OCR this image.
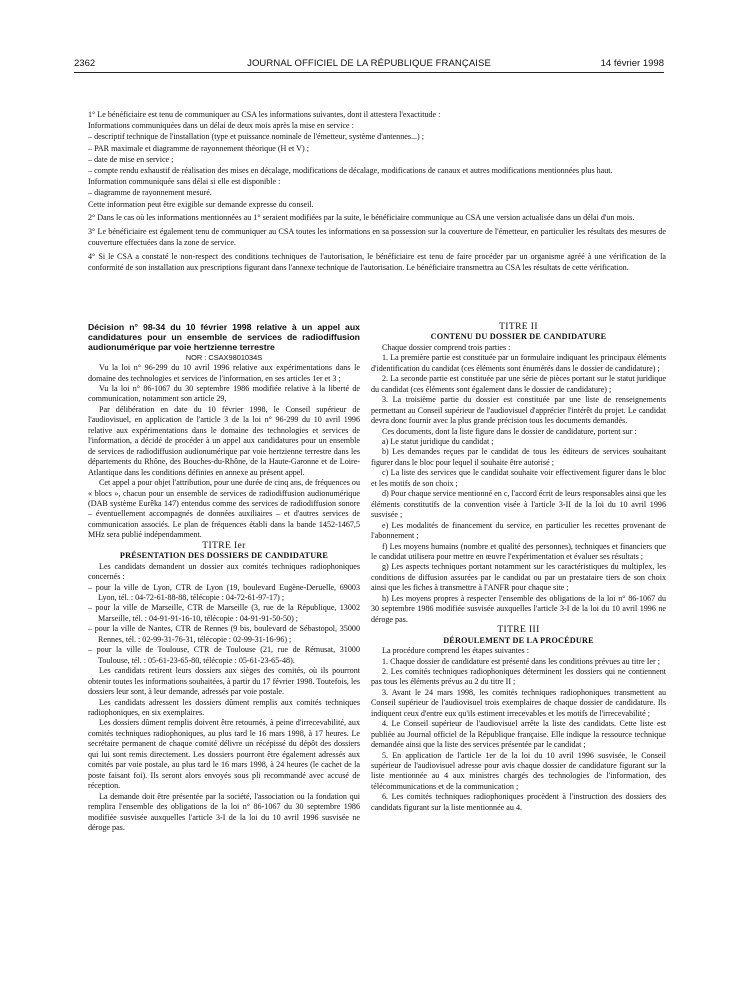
2362	JOURNAL OFFICIEL DE LA RÉPUBLIQUE FRANÇAISE	14 février 1998

1° Le bénéficiaire est tenu de communiquer au CSA les informations suivantes, dont il attestera l'exactitude :

Informations communiquées dans un délai de deux mois après la mise en service :

– descriptif technique de l'installation (type et puissance nominale de l'émetteur, système d'antennes...) ;

– PAR maximale et diagramme de rayonnement théorique (H et V) ;

– date de mise en service ;

– compte rendu exhaustif de réalisation des mises en décalage, modifications de décalage, modifications de canaux et autres modifications mentionnées plus haut.

Information communiquée sans délai si elle est disponible :

– diagramme de rayonnement mesuré.

Cette information peut être exigible sur demande expresse du conseil.

2° Dans le cas où les informations mentionnées au 1° seraient modifiées par la suite, le bénéficiaire communique au CSA une version actualisée dans un délai d'un mois.

3° Le bénéficiaire est également tenu de communiquer au CSA toutes les informations en sa possession sur la couverture de l'émetteur, en particulier les résultats des mesures de couverture effectuées dans la zone de service.

4° Si le CSA a constaté le non-respect des conditions techniques de l'autorisation, le bénéficiaire est tenu de faire procéder par un organisme agréé à une vérification de la conformité de son installation aux prescriptions figurant dans l'annexe technique de l'autorisation. Le bénéficiaire transmettra au CSA les résultats de cette vérification.

Décision n° 98-34 du 10 février 1998 relative à un appel aux candidatures pour un ensemble de services de radiodiffusion audionumérique par voie hertzienne terrestre

NOR : CSAX9801034S

Vu la loi n° 96-299 du 10 avril 1996 relative aux expérimentations dans le domaine des technologies et services de l'information, en ses articles 1er et 3 ;

Vu la loi n° 86-1067 du 30 septembre 1986 modifiée relative à la liberté de communication, notamment son article 29,

Par délibération en date du 10 février 1998, le Conseil supérieur de l'audiovisuel, en application de l'article 3 de la loi n° 96-299 du 10 avril 1996 relative aux expérimentations dans le domaine des technologies et services de l'information, a décidé de procéder à un appel aux candidatures pour un ensemble de services de radiodiffusion audionumérique par voie hertzienne terrestre dans les départements du Rhône, des Bouches-du-Rhône, de la Haute-Garonne et de Loire-Atlantique dans les conditions définies en annexe au présent appel.

Cet appel a pour objet l'attribution, pour une durée de cinq ans, de fréquences ou « blocs », chacun pour un ensemble de services de radiodiffusion audionumérique (DAB système Eurêka 147) entendus comme des services de radiodiffusion sonore – éventuellement accompagnés de données auxiliaires – et d'autres services de communication associés. Le plan de fréquences établi dans la bande 1452-1467,5 MHz sera publié indépendamment.

TITRE Ier

PRÉSENTATION DES DOSSIERS DE CANDIDATURE

Les candidats demandent un dossier aux comités techniques radiophoniques concernés :

– pour la ville de Lyon, CTR de Lyon (19, boulevard Eugène-Deruelle, 69003 Lyon, tél. : 04-72-61-88-88, télécopie : 04-72-61-97-17) ;

– pour la ville de Marseille, CTR de Marseille (3, rue de la République, 13002 Marseille, tél. : 04-91-91-16-10, télécopie : 04-91-91-50-50) ;

– pour la ville de Nantes, CTR de Rennes (9 bis, boulevard de Sébastopol, 35000 Rennes, tél. : 02-99-31-76-31, télécopie : 02-99-31-16-96) ;

– pour la ville de Toulouse, CTR de Toulouse (21, rue de Rémusat, 31000 Toulouse, tél. : 05-61-23-65-80, télécopie : 05-61-23-65-48).

Les candidats retirent leurs dossiers aux sièges des comités, où ils pourront obtenir toutes les informations souhaitées, à partir du 17 février 1998. Toutefois, les dossiers leur sont, à leur demande, adressés par voie postale.

Les candidats adressent les dossiers dûment remplis aux comités techniques radiophoniques, en six exemplaires.

Les dossiers dûment remplis doivent être retournés, à peine d'irrecevabilité, aux comités techniques radiophoniques, au plus tard le 16 mars 1998, à 17 heures. Le secrétaire permanent de chaque comité délivre un récépissé du dépôt des dossiers qui lui sont remis directement. Les dossiers pourront être également adressés aux comités par voie postale, au plus tard le 16 mars 1998, à 24 heures (le cachet de la poste faisant foi). Ils seront alors envoyés sous pli recommandé avec accusé de réception.

La demande doit être présentée par la société, l'association ou la fondation qui remplira l'ensemble des obligations de la loi n° 86-1067 du 30 septembre 1986 modifiée susvisée auxquelles l'article 3-I de la loi du 10 avril 1996 susvisée ne déroge pas.

TITRE II

CONTENU DU DOSSIER DE CANDIDATURE

Chaque dossier comprend trois parties :

1. La première partie est constituée par un formulaire indiquant les principaux éléments d'identification du candidat (ces éléments sont énumérés dans le dossier de candidature) ;

2. La seconde partie est constituée par une série de pièces portant sur le statut juridique du candidat (ces éléments sont également dans le dossier de candidature) ;

3. La troisième partie du dossier est constituée par une liste de renseignements permettant au Conseil supérieur de l'audiovisuel d'apprécier l'intérêt du projet. Le candidat devra donc fournir avec la plus grande précision tous les documents demandés.

Ces documents, dont la liste figure dans le dossier de candidature, portent sur :

a) Le statut juridique du candidat ;

b) Les demandes reçues par le candidat de tous les éditeurs de services souhaitant figurer dans le bloc pour lequel il souhaite être autorisé ;

c) La liste des services que le candidat souhaite voir effectivement figurer dans le bloc et les motifs de son choix ;

d) Pour chaque service mentionné en c, l'accord écrit de leurs responsables ainsi que les éléments constitutifs de la convention visée à l'article 3-II de la loi du 10 avril 1996 susvisée ;

e) Les modalités de financement du service, en particulier les recettes provenant de l'abonnement ;

f) Les moyens humains (nombre et qualité des personnes), techniques et financiers que le candidat utilisera pour mettre en œuvre l'expérimentation et évaluer ses résultats ;

g) Les aspects techniques portant notamment sur les caractéristiques du multiplex, les conditions de diffusion assurées par le candidat ou par un prestataire tiers de son choix ainsi que les fiches à transmettre à l'ANFR pour chaque site ;

h) Les moyens propres à respecter l'ensemble des obligations de la loi n° 86-1067 du 30 septembre 1986 modifiée susvisée auxquelles l'article 3-I de la loi du 10 avril 1996 ne déroge pas.

TITRE III

DÉROULEMENT DE LA PROCÉDURE

La procédure comprend les étapes suivantes :

1. Chaque dossier de candidature est présenté dans les conditions prévues au titre Ier ;

2. Les comités techniques radiophoniques déterminent les dossiers qui ne contiennent pas tous les éléments prévus au 2 du titre II ;

3. Avant le 24 mars 1998, les comités techniques radiophoniques transmettent au Conseil supérieur de l'audiovisuel trois exemplaires de chaque dossier de candidature. Ils indiquent ceux d'entre eux qu'ils estiment irrecevables et les motifs de l'irrecevabilité ;

4. Le Conseil supérieur de l'audiovisuel arrête la liste des candidats. Cette liste est publiée au Journal officiel de la République française. Elle indique la ressource technique demandée ainsi que la liste des services présentée par le candidat ;

5. En application de l'article 1er de la loi du 10 avril 1996 susvisée, le Conseil supérieur de l'audiovisuel adresse pour avis chaque dossier de candidature figurant sur la liste mentionnée au 4 aux ministres chargés des technologies de l'information, des télécommunications et de la communication ;

6. Les comités techniques radiophoniques procèdent à l'instruction des dossiers des candidats figurant sur la liste mentionnée au 4.
